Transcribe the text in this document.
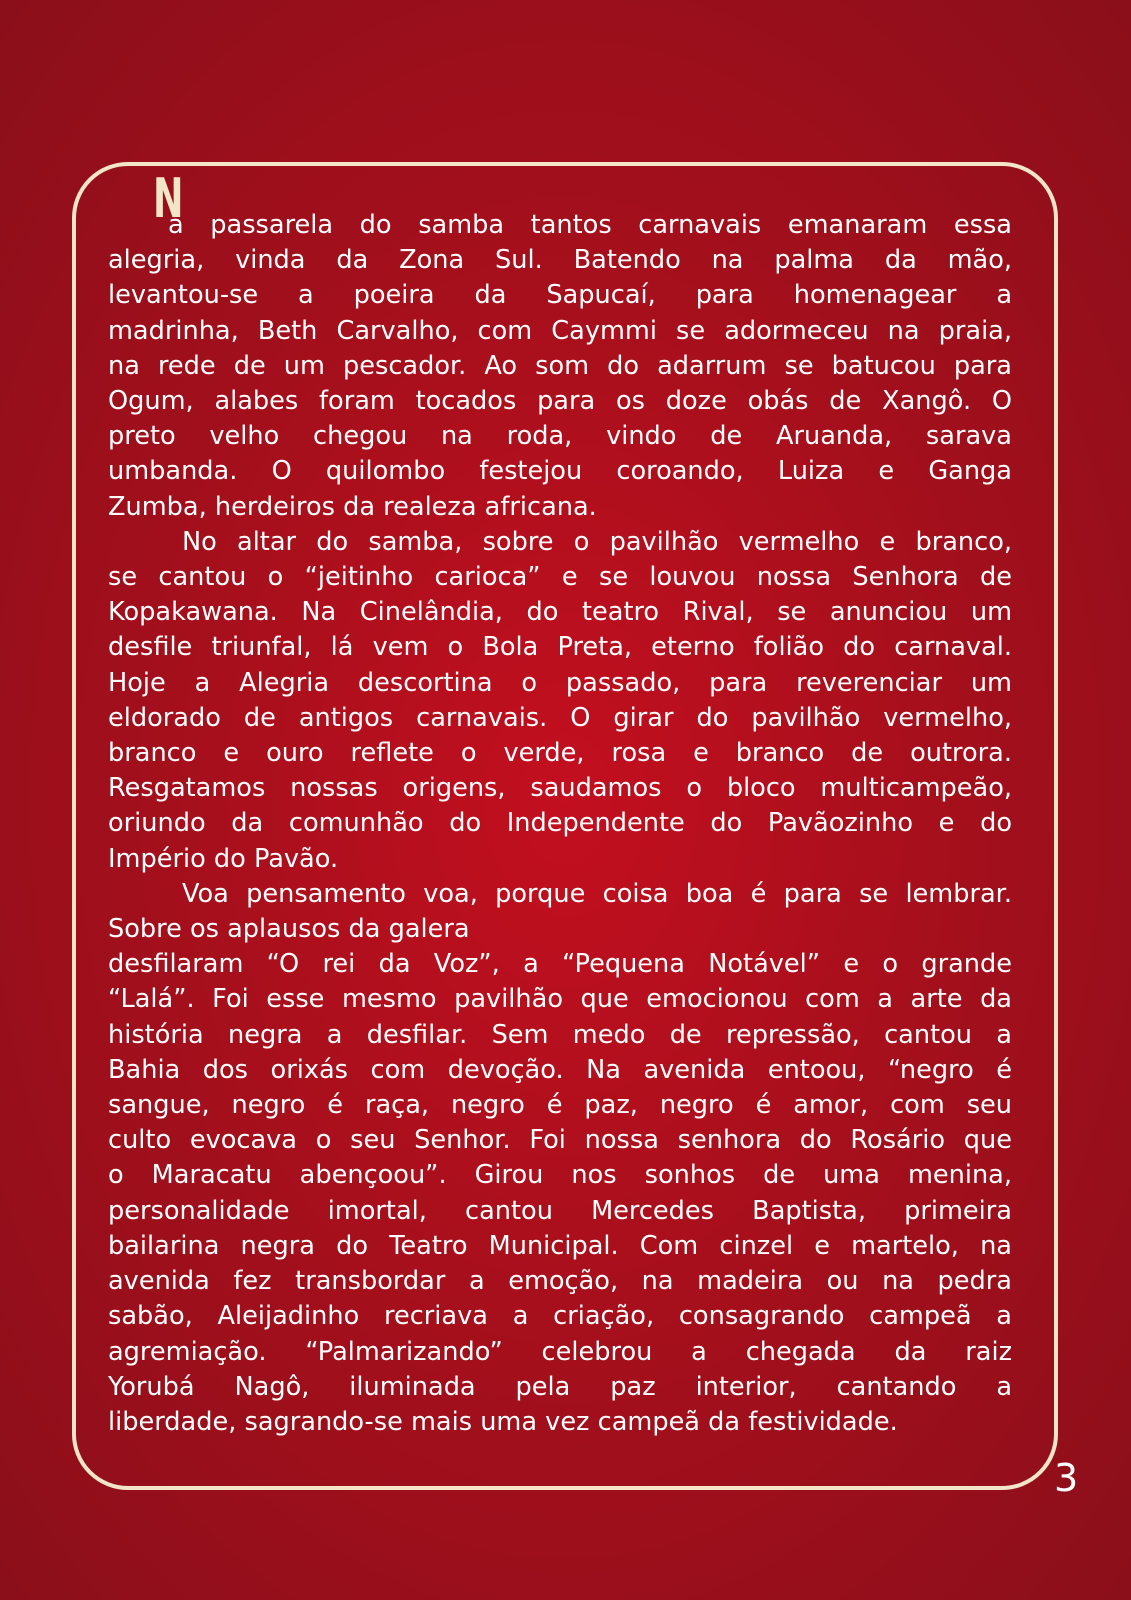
N
a passarela do samba tantos carnavais emanaram essa
alegria, vinda da Zona Sul. Batendo na palma da mão,
levantou-se a poeira da Sapucaí, para homenagear a
madrinha, Beth Carvalho, com Caymmi se adormeceu na praia,
na rede de um pescador. Ao som do adarrum se batucou para
Ogum, alabes foram tocados para os doze obás de Xangô. O
preto velho chegou na roda, vindo de Aruanda, sarava
umbanda. O quilombo festejou coroando, Luiza e Ganga
Zumba, herdeiros da realeza africana.
No altar do samba, sobre o pavilhão vermelho e branco,
se cantou o “jeitinho carioca” e se louvou nossa Senhora de
Kopakawana. Na Cinelândia, do teatro Rival, se anunciou um
desfile triunfal, lá vem o Bola Preta, eterno folião do carnaval.
Hoje a Alegria descortina o passado, para reverenciar um
eldorado de antigos carnavais. O girar do pavilhão vermelho,
branco e ouro reflete o verde, rosa e branco de outrora.
Resgatamos nossas origens, saudamos o bloco multicampeão,
oriundo da comunhão do Independente do Pavãozinho e do
Império do Pavão.
Voa pensamento voa, porque coisa boa é para se lembrar.
Sobre os aplausos da galera
desfilaram “O rei da Voz”, a “Pequena Notável” e o grande
“Lalá”. Foi esse mesmo pavilhão que emocionou com a arte da
história negra a desfilar. Sem medo de repressão, cantou a
Bahia dos orixás com devoção. Na avenida entoou, “negro é
sangue, negro é raça, negro é paz, negro é amor, com seu
culto evocava o seu Senhor. Foi nossa senhora do Rosário que
o Maracatu abençoou”. Girou nos sonhos de uma menina,
personalidade imortal, cantou Mercedes Baptista, primeira
bailarina negra do Teatro Municipal. Com cinzel e martelo, na
avenida fez transbordar a emoção, na madeira ou na pedra
sabão, Aleijadinho recriava a criação, consagrando campeã a
agremiação. “Palmarizando” celebrou a chegada da raiz
Yorubá Nagô, iluminada pela paz interior, cantando a
liberdade, sagrando-se mais uma vez campeã da festividade.
3
